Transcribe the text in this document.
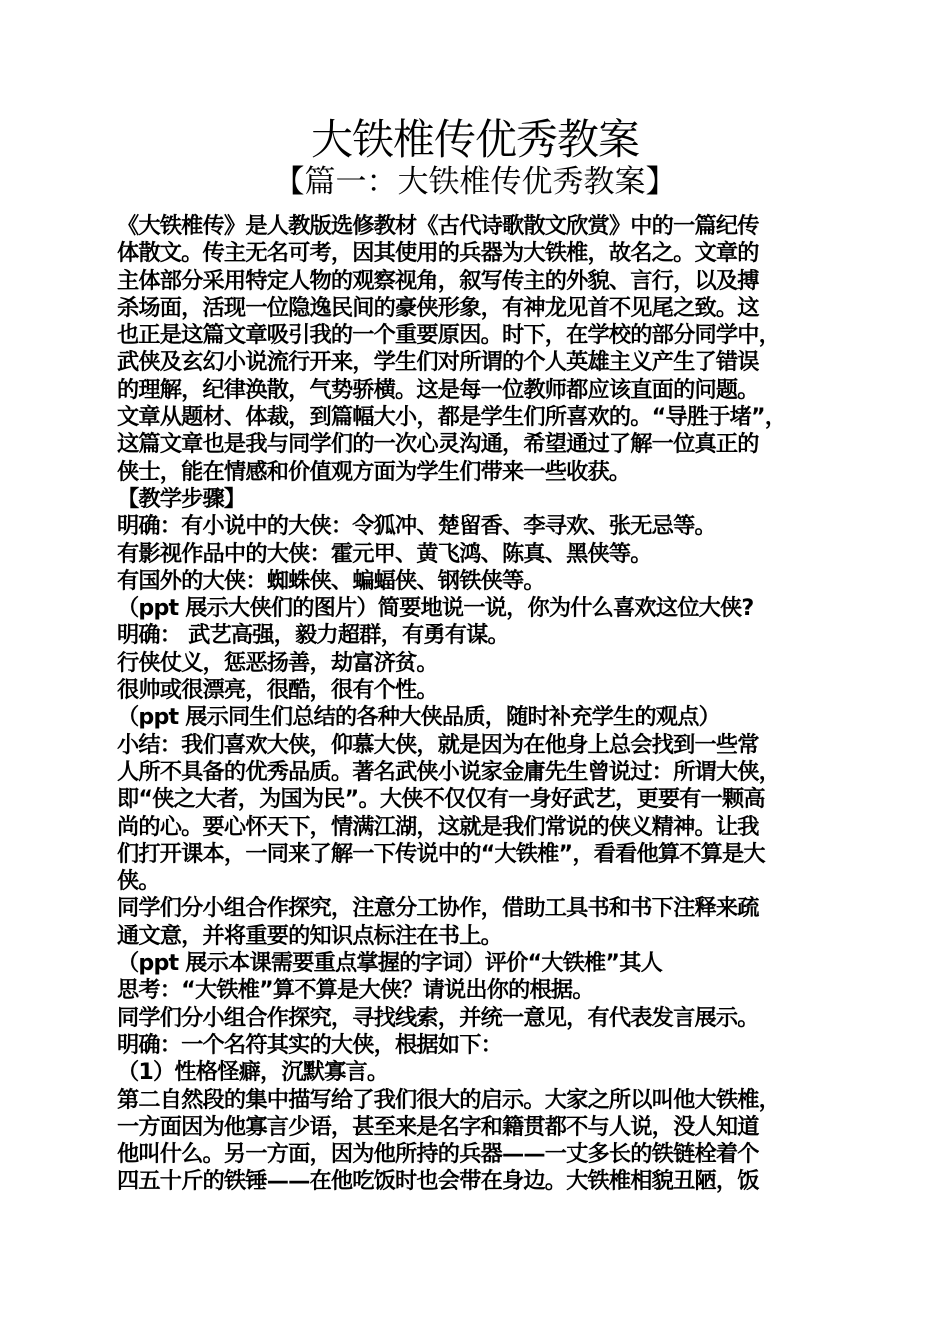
大铁椎传优秀教案
【篇一：大铁椎传优秀教案】
《大铁椎传》是人教版选修教材《古代诗歌散文欣赏》中的一篇纪传
体散文。传主无名可考，因其使用的兵器为大铁椎，故名之。文章的
主体部分采用特定人物的观察视角，叙写传主的外貌、言行，以及搏
杀场面，活现一位隐逸民间的豪侠形象，有神龙见首不见尾之致。这
也正是这篇文章吸引我的一个重要原因。时下，在学校的部分同学中，
武侠及玄幻小说流行开来，学生们对所谓的个人英雄主义产生了错误
的理解，纪律涣散，气势骄横。这是每一位教师都应该直面的问题。
文章从题材、体裁，到篇幅大小，都是学生们所喜欢的。“导胜于堵”，
这篇文章也是我与同学们的一次心灵沟通，希望通过了解一位真正的
侠士，能在情感和价值观方面为学生们带来一些收获。
【教学步骤】
明确：有小说中的大侠：令狐冲、楚留香、李寻欢、张无忌等。
有影视作品中的大侠：霍元甲、黄飞鸿、陈真、黑侠等。
有国外的大侠：蜘蛛侠、蝙蝠侠、钢铁侠等。
（ppt 展示大侠们的图片）简要地说一说，你为什么喜欢这位大侠?
明确： 武艺高强，毅力超群，有勇有谋。
行侠仗义，惩恶扬善，劫富济贫。
很帅或很漂亮，很酷，很有个性。
（ppt 展示同生们总结的各种大侠品质，随时补充学生的观点）
小结：我们喜欢大侠，仰慕大侠，就是因为在他身上总会找到一些常
人所不具备的优秀品质。著名武侠小说家金庸先生曾说过：所谓大侠，
即“侠之大者，为国为民”。大侠不仅仅有一身好武艺，更要有一颗高
尚的心。要心怀天下，情满江湖，这就是我们常说的侠义精神。让我
们打开课本，一同来了解一下传说中的“大铁椎”，看看他算不算是大
侠。
同学们分小组合作探究，注意分工协作，借助工具书和书下注释来疏
通文意，并将重要的知识点标注在书上。
（ppt 展示本课需要重点掌握的字词）评价“大铁椎”其人
思考：“大铁椎”算不算是大侠？请说出你的根据。
同学们分小组合作探究，寻找线索，并统一意见，有代表发言展示。
明确：一个名符其实的大侠，根据如下：
（1）性格怪癖，沉默寡言。
第二自然段的集中描写给了我们很大的启示。大家之所以叫他大铁椎，
一方面因为他寡言少语，甚至来是名字和籍贯都不与人说，没人知道
他叫什么。另一方面，因为他所持的兵器——一丈多长的铁链栓着个
四五十斤的铁锤——在他吃饭时也会带在身边。大铁椎相貌丑陋，饭
